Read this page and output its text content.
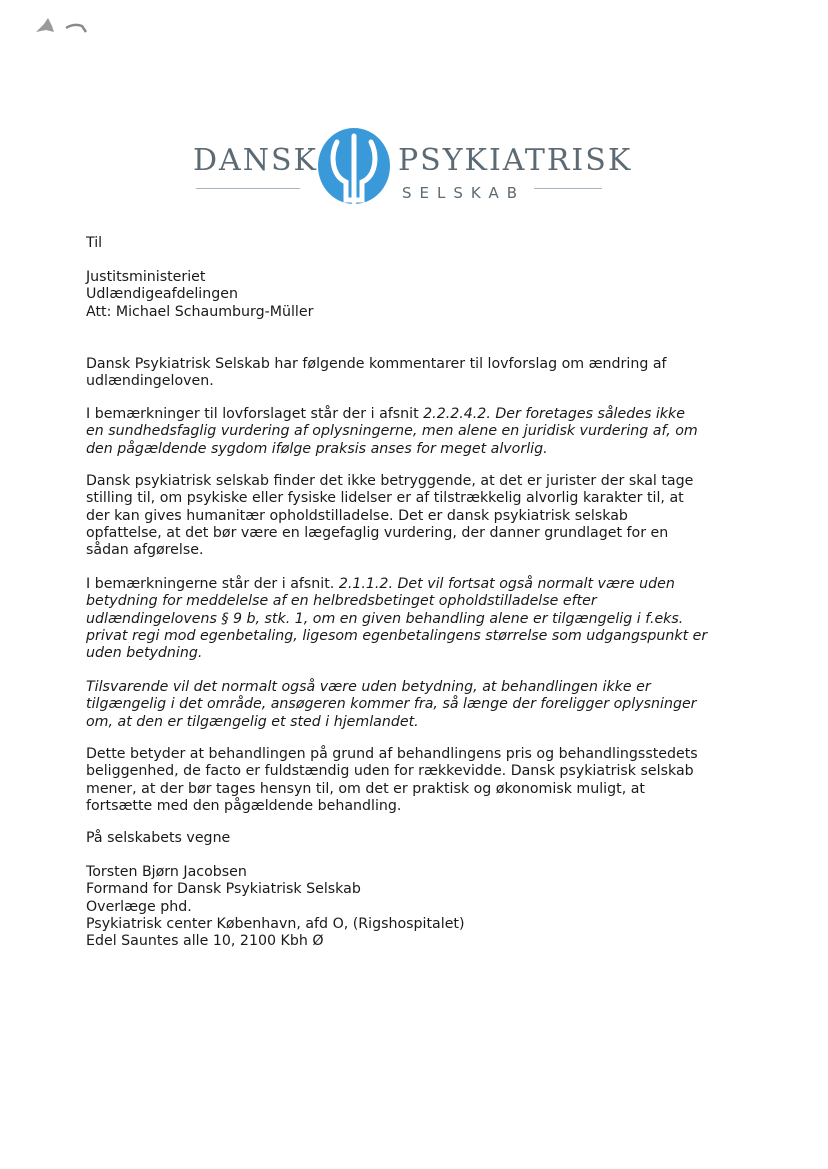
DANSK	PSYKIATRISK
SELSKAB

Til

Justitsministeriet
Udlændigeafdelingen
Att: Michael Schaumburg-Müller

Dansk Psykiatrisk Selskab har følgende kommentarer til lovforslag om ændring af
udlændingeloven.

I bemærkninger til lovforslaget står der i afsnit 2.2.2.4.2. Der foretages således ikke
en sundhedsfaglig vurdering af oplysningerne, men alene en juridisk vurdering af, om
den pågældende sygdom ifølge praksis anses for meget alvorlig.

Dansk psykiatrisk selskab finder det ikke betryggende, at det er jurister der skal tage
stilling til, om psykiske eller fysiske lidelser er af tilstrækkelig alvorlig karakter til, at
der kan gives humanitær opholdstilladelse. Det er dansk psykiatrisk selskab
opfattelse, at det bør være en lægefaglig vurdering, der danner grundlaget for en
sådan afgørelse.

I bemærkningerne står der i afsnit. 2.1.1.2. Det vil fortsat også normalt være uden
betydning for meddelelse af en helbredsbetinget opholdstilladelse efter
udlændingelovens § 9 b, stk. 1, om en given behandling alene er tilgængelig i f.eks.
privat regi mod egenbetaling, ligesom egenbetalingens størrelse som udgangspunkt er
uden betydning.

Tilsvarende vil det normalt også være uden betydning, at behandlingen ikke er
tilgængelig i det område, ansøgeren kommer fra, så længe der foreligger oplysninger
om, at den er tilgængelig et sted i hjemlandet.

Dette betyder at behandlingen på grund af behandlingens pris og behandlingsstedets
beliggenhed, de facto er fuldstændig uden for rækkevidde. Dansk psykiatrisk selskab
mener, at der bør tages hensyn til, om det er praktisk og økonomisk muligt, at
fortsætte med den pågældende behandling.

På selskabets vegne

Torsten Bjørn Jacobsen
Formand for Dansk Psykiatrisk Selskab
Overlæge phd.
Psykiatrisk center København, afd O, (Rigshospitalet)
Edel Sauntes alle 10, 2100 Kbh Ø
